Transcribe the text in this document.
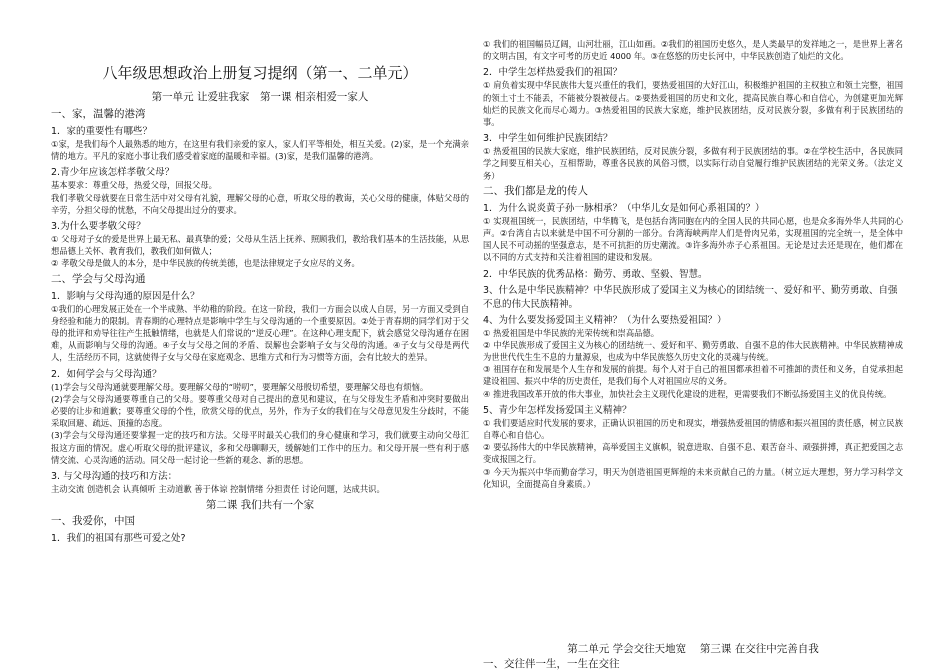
八年级思想政治上册复习提纲（第一、二单元）
第一单元 让爱驻我家　第一课 相亲相爱一家人
一、家，温馨的港湾
1．家的重要性有哪些？

①家，是我们每个人最熟悉的地方，在这里有我们亲爱的家人，家人们平等相处，相互关爱。(2)家，是一个充满亲情的地方。平凡的家庭小事让我们感受着家庭的温暖和幸福。(3)家，是我们温馨的港湾。

2.青少年应该怎样孝敬父母？

基本要求：尊重父母，热爱父母，回报父母。

我们孝敬父母就要在日常生活中对父母有礼貌，理解父母的心意，听取父母的教诲，关心父母的健康，体贴父母的辛劳，分担父母的忧愁，不向父母提出过分的要求。

3.为什么要孝敬父母？

① 父母对子女的爱是世界上最无私、最真挚的爱；父母从生活上抚养、照顾我们，教给我们基本的生活技能，从思想品德上关怀、教育我们，教我们如何做人；

② 孝敬父母是做人的本分，是中华民族的传统美德，也是法律规定子女应尽的义务。

二、学会与父母沟通
1．影响与父母沟通的原因是什么？

①我们的心理发展正处在一个半成熟、半幼稚的阶段。在这一阶段，我们一方面会以成人自居，另一方面又受到自身经验和能力的限制。青春期的心理特点是影响中学生与父母沟通的一个重要原因。②处于青春期的同学们对于父母的批评和劝导往往产生抵触情绪，也就是人们常说的“逆反心理”。在这种心理支配下，就会感觉父母沟通存在困难，从而影响与父母的沟通。④子女与父母之间的矛盾、误解也会影响子女与父母的沟通。④子女与父母是两代人，生活经历不同，这就使得子女与父母在家庭观念、思维方式和行为习惯等方面，会有比较大的差异。

2．如何学会与父母沟通？

(1)学会与父母沟通就要理解父母。要理解父母的“唠叨”，要理解父母殷切希望，要理解父母也有烦恼。

(2)学会与父母沟通要尊重自己的父母。要尊重父母对自己提出的意见和建议，在与父母发生矛盾和冲突时要做出必要的让步和道歉；要尊重父母的个性，欣赏父母的优点，另外，作为子女的我们在与父母意见发生分歧时，不能采取回避、疏远、顶撞的态度。

(3)学会与父母沟通还要掌握一定的技巧和方法。父母平时最关心我们的身心健康和学习，我们就要主动向父母汇报这方面的情况。虚心听取父母的批评建议，多和父母聊聊天，缓解她们工作中的压力。和父母开展一些有利于感情交流、心灵沟通的活动。同父母一起讨论一些新的观念、新的思想。

3. 与父母沟通的技巧和方法：

主动交流 创造机会 认真倾听 主动道歉 善于体谅 控制情绪 分担责任 讨论问题，达成共识。

第二课 我们共有一个家
一、我爱你，中国
1．我们的祖国有那些可爱之处?

① 我们的祖国幅员辽阔，山河壮丽，江山如画。②我们的祖国历史悠久，是人类最早的发祥地之一，是世界上著名的文明古国，有文字可考的历史近 4000 年。③在悠悠的历史长河中，中华民族创造了灿烂的文化。

2．中学生怎样热爱我们的祖国？

① 肩负着实现中华民族伟大复兴重任的我们，要热爱祖国的大好江山，积极维护祖国的主权独立和领土完整，祖国的领土寸土不能丢，不能被分裂被侵占。②要热爱祖国的历史和文化，提高民族自尊心和自信心，为创建更加光辉灿烂的民族文化而尽心竭力。③热爱祖国的民族大家庭，维护民族团结，反对民族分裂，多做有利于民族团结的事。

3．中学生如何维护民族团结？

① 热爱祖国的民族大家庭，维护民族团结，反对民族分裂，多做有利于民族团结的事。②在学校生活中，各民族同学之间要互相关心，互相帮助，尊重各民族的风俗习惯，以实际行动自觉履行维护民族团结的光荣义务。（法定义务）

二、我们都是龙的传人
1．为什么说炎黄子孙一脉相承？（中华儿女是如何心系祖国的？）

① 实现祖国统一，民族团结，中华腾飞，是包括台湾同胞在内的全国人民的共同心愿，也是众多海外华人共同的心声。②台湾自古以来就是中国不可分割的一部分。台湾海峡两岸人们是骨肉兄弟，实现祖国的完全统一，是全体中国人民不可动摇的坚强意志，是不可抗拒的历史潮流。③许多海外赤子心系祖国。无论是过去还是现在，他们都在以不同的方式支持和关注着祖国的建设和发展。

2．中华民族的优秀品格：勤劳、勇敢、坚毅、智慧。
3、什么是中华民族精神？中华民族形成了爱国主义为核心的团结统一、爱好和平、勤劳勇敢、自强不息的伟大民族精神。
4、为什么要发扬爱国主义精神？（为什么要热爱祖国？）

① 热爱祖国是中华民族的光荣传统和崇高品德。

② 中华民族形成了爱国主义为核心的团结统一、爱好和平、勤劳勇敢、自强不息的伟大民族精神。中华民族精神成为世世代代生生不息的力量源泉，也成为中华民族悠久历史文化的灵魂与传统。

③ 祖国存在和发展是个人生存和发展的前提。每个人对于自己的祖国都承担着不可推卸的责任和义务，自觉承担起建设祖国、振兴中华的历史责任，是我们每个人对祖国应尽的义务。

④ 推进我国改革开放的伟大事业，加快社会主义现代化建设的进程，更需要我们不断弘扬爱国主义的优良传统。

5、青少年怎样发扬爱国主义精神？

① 我们要适应时代发展的要求，正确认识祖国的历史和现实，增强热爱祖国的情感和振兴祖国的责任感，树立民族自尊心和自信心。

② 要弘扬伟大的中华民族精神，高举爱国主义旗帜，锐意进取、自强不息、艰苦奋斗、顽强拼搏，真正把爱国之志变成报国之行。

③ 今天为振兴中华而勤奋学习，明天为创造祖国更辉煌的未来贡献自己的力量。（树立远大理想，努力学习科学文化知识，全面提高自身素质。）

第二单元 学会交往天地宽　 第三课 在交往中完善自我
一、交往伴一生，一生在交往
